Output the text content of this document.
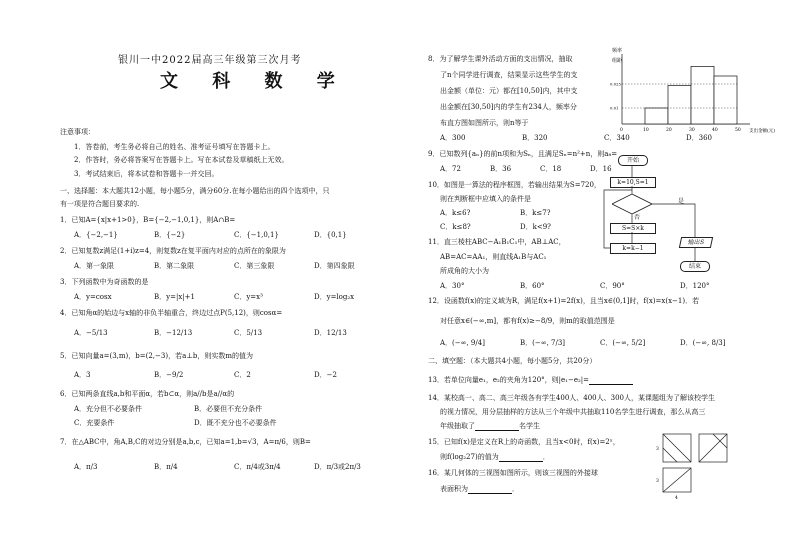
银川一中2022届高三年级第三次月考
文 科 数 学
注意事项：
1．答卷前，考生务必将自己的姓名、准考证号填写在答题卡上。
2．作答时，务必将答案写在答题卡上。写在本试卷及草稿纸上无效。
3．考试结束后，将本试卷和答题卡一并交回。
一、选择题：本大题共12小题，每小题5分，满分60分.在每小题给出的四个选项中，只
有一项是符合题目要求的.
1．已知A={x|x+1>0}，B={−2,−1,0,1}，则A∩B=
A．{−2,−1}	B．{−2}	C．{−1,0,1}	D．{0,1}
2．已知复数z满足(1+i)z=4，则复数z在复平面内对应的点所在的象限为
A．第一象限	B．第二象限	C．第三象限	D．第四象限
3．下列函数中为奇函数的是
A．y=cosx	B．y=|x|+1	C．y=x³	D．y=log₂x
4．已知角α的始边与x轴的非负半轴重合，终边过点P(5,12)，则cosα=
A．−5/13	B．−12/13	C．5/13	D．12/13
5．已知向量a=(3,m)，b=(2,−3)，若a⊥b，则实数m的值为
A．3	B．−9/2	C．2	D．−2
6．已知两条直线a,b和平面α，若b⊂α，则a//b是a//α的
A．充分但不必要条件	B．必要但不充分条件
C．充要条件	D．既不充分也不必要条件
7．在△ABC中，角A,B,C的对边分别是a,b,c，已知a=1,b=√3，A=π/6，则B=
A．π/3	B．π/4	C．π/4或3π/4	D．π/3或2π/3
8．为了解学生课外活动方面的支出情况，抽取
了n个同学进行调查，结果显示这些学生的支
出金额（单位：元）都在[10,50]内，其中支
出金额在[30,50]内的学生有234人，频率分
布直方图如图所示，则n等于
A．300	B．320	C．340	D．360
9．已知数列{aₙ}的前n项和为Sₙ，且满足Sₙ=n²+n，则a₈=
A．72	B．36	C．18	D．16
10．如图是一算法的程序框图，若输出结果为S=720，
则在判断框中应填入的条件是
A．k≤6?	B．k≤7?
C．k≤8?	D．k<9?
11．直三棱柱ABC−A₁B₁C₁中，AB⊥AC，
AB=AC=AA₁，则直线A₁B与AC₁
所成角的大小为
A．30°	B．60°	C．90°	D．120°
12．设函数f(x)的定义域为R，满足f(x+1)=2f(x)，且当x∈(0,1]时，f(x)=x(x−1)．若
对任意x∈(−∞,m]，都有f(x)≥−8/9，则m的取值范围是
A．(−∞, 9/4]	B．(−∞, 7/3]	C．(−∞, 5/2]	D．(−∞, 8/3]
二、填空题：（本大题共4小题，每小题5分，共20分）
13．若单位向量e₁，e₂的夹角为120°，则|e₁−e₂|=
14．某校高一、高二、高三年级各有学生400人、400人、300人，某课题组为了解该校学生
的视力情况，用分层抽样的方法从三个年级中共抽取110名学生进行调查，那么从高三
年级抽取了	名学生
15．已知f(x)是定义在R上的奇函数，且当x<0时，f(x)=2ˣ，
则f(log₂27)的值为	．
16．某几何体的三视图如图所示，则该三视图的外接球
表面积为	．
频率
组距
支出金额(元)
0	10	20	30	40	50
0.025
0.01
开始
k=10,S=1
是
否
S=S×k
k=k−1
输出S
结束
3
3
4
